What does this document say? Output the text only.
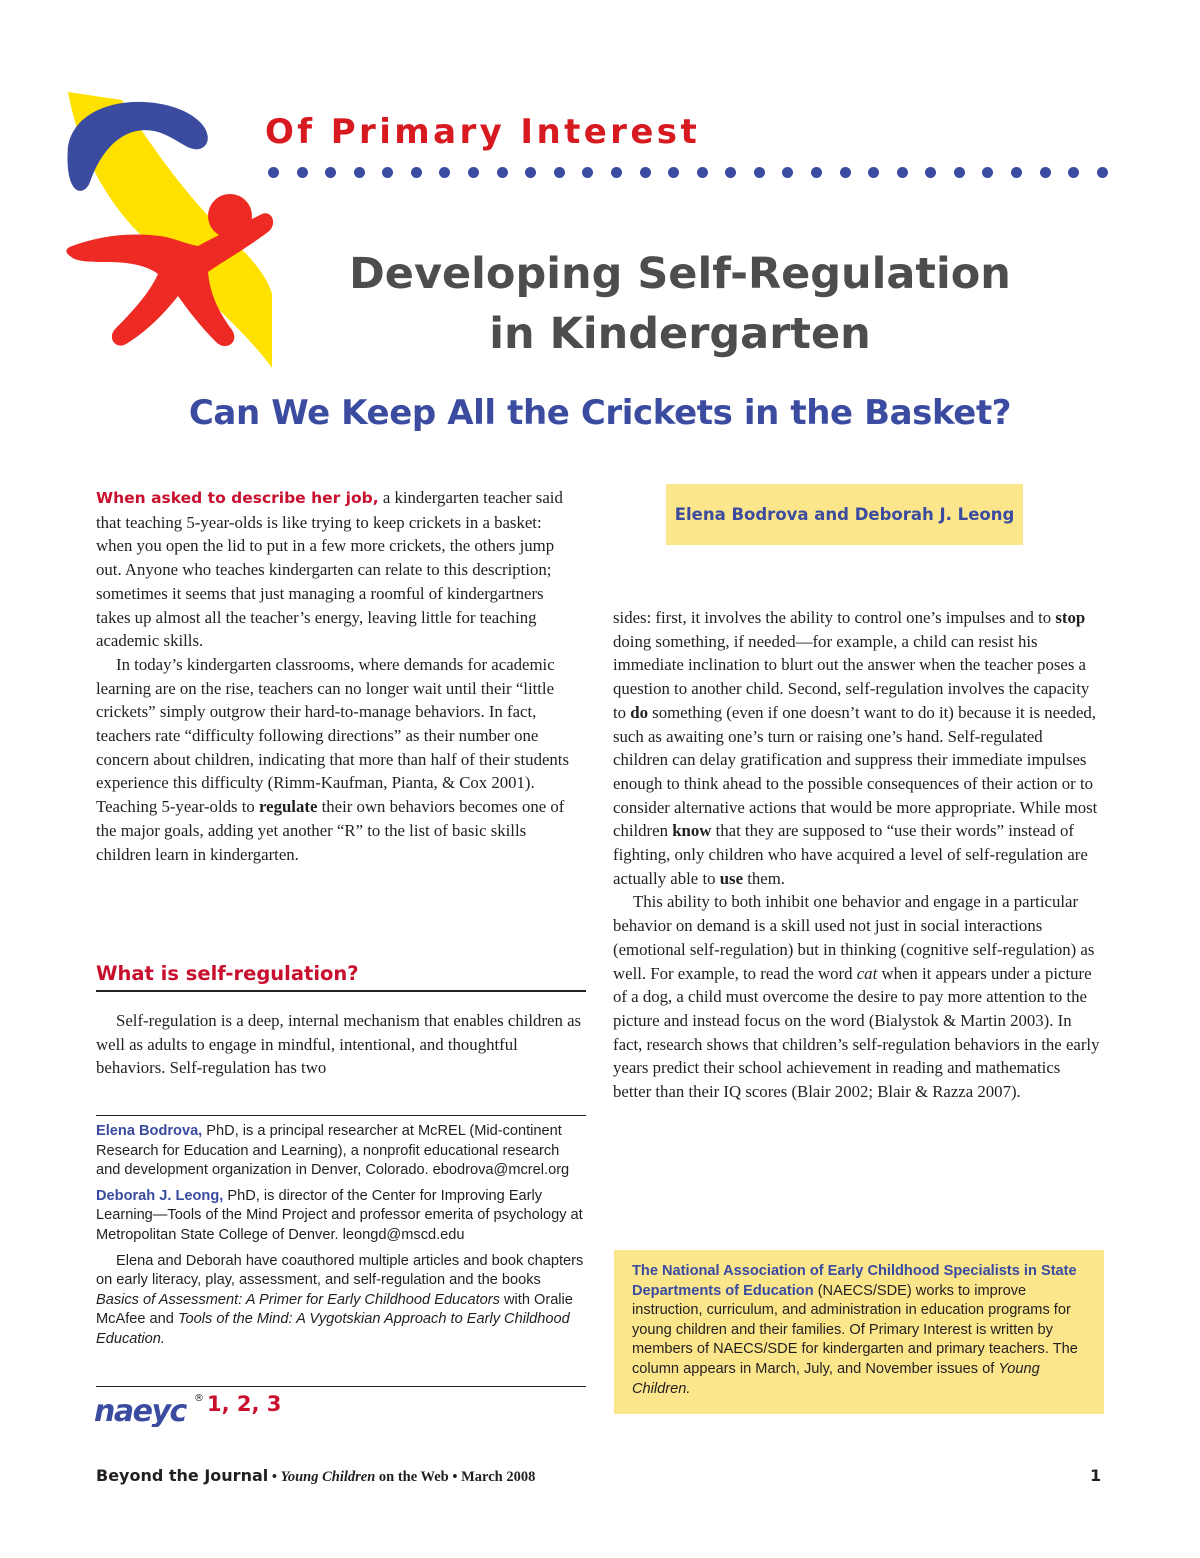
Of Primary Interest
Developing Self-Regulation
in Kindergarten
Can We Keep All the Crickets in the Basket?

When asked to describe her job, a kindergarten teacher said that teaching 5-year-olds is like trying to keep crickets in a basket: when you open the lid to put in a few more crickets, the others jump out. Anyone who teaches kindergarten can relate to this description; sometimes it seems that just managing a roomful of kindergartners takes up almost all the teacher’s energy, leaving little for teaching academic skills.

In today’s kindergarten classrooms, where demands for academic learning are on the rise, teachers can no longer wait until their “little crickets” simply outgrow their hard-to-manage behaviors. In fact, teachers rate “difficulty following directions” as their number one concern about children, indicating that more than half of their students experience this difficulty (Rimm-Kaufman, Pianta, & Cox 2001). Teaching 5-year-olds to regulate their own behaviors becomes one of the major goals, adding yet another “R” to the list of basic skills children learn in kindergarten.

What is self-regulation?

Self-regulation is a deep, internal mechanism that enables children as well as adults to engage in mindful, intentional, and thoughtful behaviors. Self-regulation has two

Elena Bodrova, PhD, is a principal researcher at McREL (Mid-continent Research for Education and Learning), a nonprofit educational research and development organization in Denver, Colorado. ebodrova@mcrel.org

Deborah J. Leong, PhD, is director of the Center for Improving Early Learning—Tools of the Mind Project and professor emerita of psychology at Metropolitan State College of Denver. leongd@mscd.edu

Elena and Deborah have coauthored multiple articles and book chapters on early literacy, play, assessment, and self-regulation and the books Basics of Assessment: A Primer for Early Childhood Educators with Oralie McAfee and Tools of the Mind: A Vygotskian Approach to Early Childhood Education.

naeyc ® 1, 2, 3

Elena Bodrova and Deborah J. Leong

sides: first, it involves the ability to control one’s impulses and to stop doing something, if needed—for example, a child can resist his immediate inclination to blurt out the answer when the teacher poses a question to another child. Second, self-regulation involves the capacity to do something (even if one doesn’t want to do it) because it is needed, such as awaiting one’s turn or raising one’s hand. Self-regulated children can delay gratification and suppress their immediate impulses enough to think ahead to the possible consequences of their action or to consider alternative actions that would be more appropriate. While most children know that they are supposed to “use their words” instead of fighting, only children who have acquired a level of self-regulation are actually able to use them.

This ability to both inhibit one behavior and engage in a particular behavior on demand is a skill used not just in social interactions (emotional self-regulation) but in thinking (cognitive self-regulation) as well. For example, to read the word cat when it appears under a picture of a dog, a child must overcome the desire to pay more attention to the picture and instead focus on the word (Bialystok & Martin 2003). In fact, research shows that children’s self-regulation behaviors in the early years predict their school achievement in reading and mathematics better than their IQ scores (Blair 2002; Blair & Razza 2007).

The National Association of Early Childhood Specialists in State Departments of Education (NAECS/SDE) works to improve instruction, curriculum, and administration in education programs for young children and their families. Of Primary Interest is written by members of NAECS/SDE for kindergarten and primary teachers. The column appears in March, July, and November issues of Young Children.

Beyond the Journal • Young Children on the Web • March 2008	1
